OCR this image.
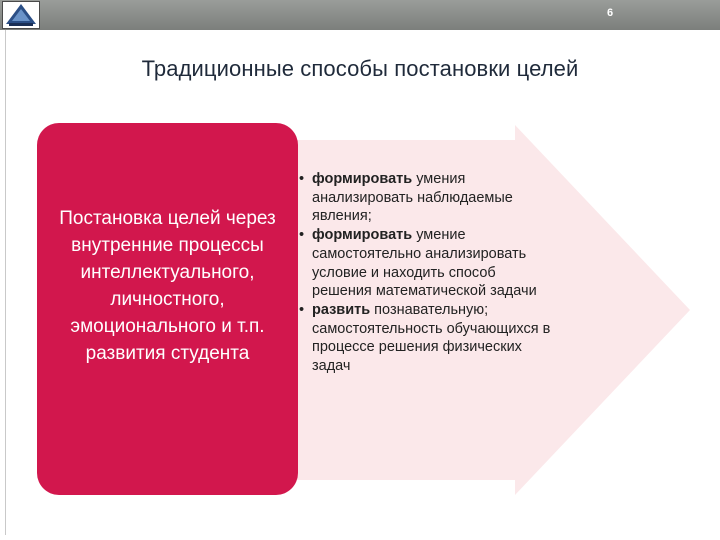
6
Традиционные способы постановки целей
Постановка целей через внутренние процессы интеллектуального, личностного, эмоционального и т.п. развития студента
• формировать умения анализировать наблюдаемые явления;
• формировать умение самостоятельно анализировать условие и находить способ решения математической задачи
• развить познавательную; самостоятельность обучающихся в процессе решения физических задач
